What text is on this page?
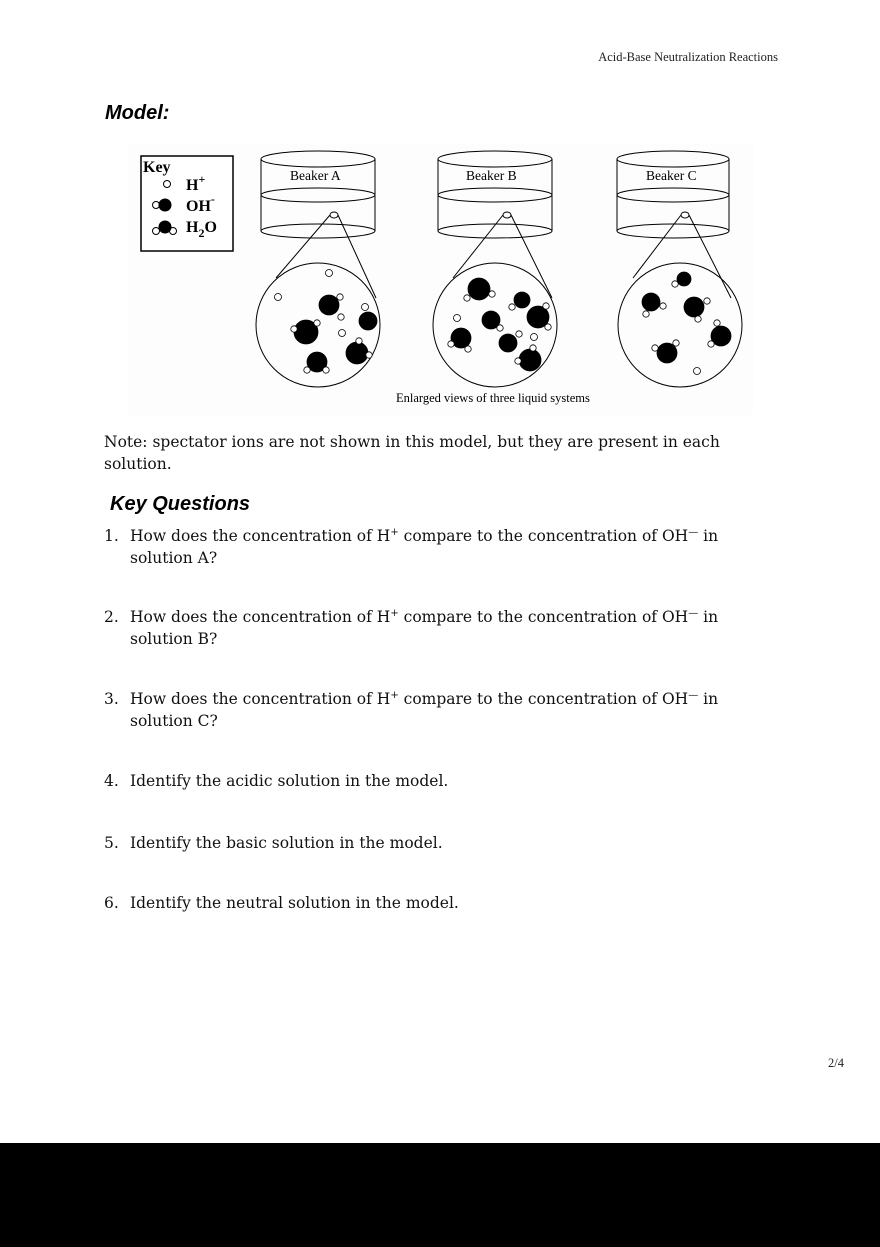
Acid-Base Neutralization Reactions
Model:
Key
H+
OH-
$H_2O$
Beaker A	Beaker B	Beaker C
Enlarged views of three liquid systems
Note: spectator ions are not shown in this model, but they are present in each solution.
Key Questions
1. How does the concentration of H+ compare to the concentration of OH— in solution A?
2. How does the concentration of H+ compare to the concentration of OH— in solution B?
3. How does the concentration of H+ compare to the concentration of OH— in solution C?
4. Identify the acidic solution in the model.
5. Identify the basic solution in the model.
6. Identify the neutral solution in the model.
2/4
